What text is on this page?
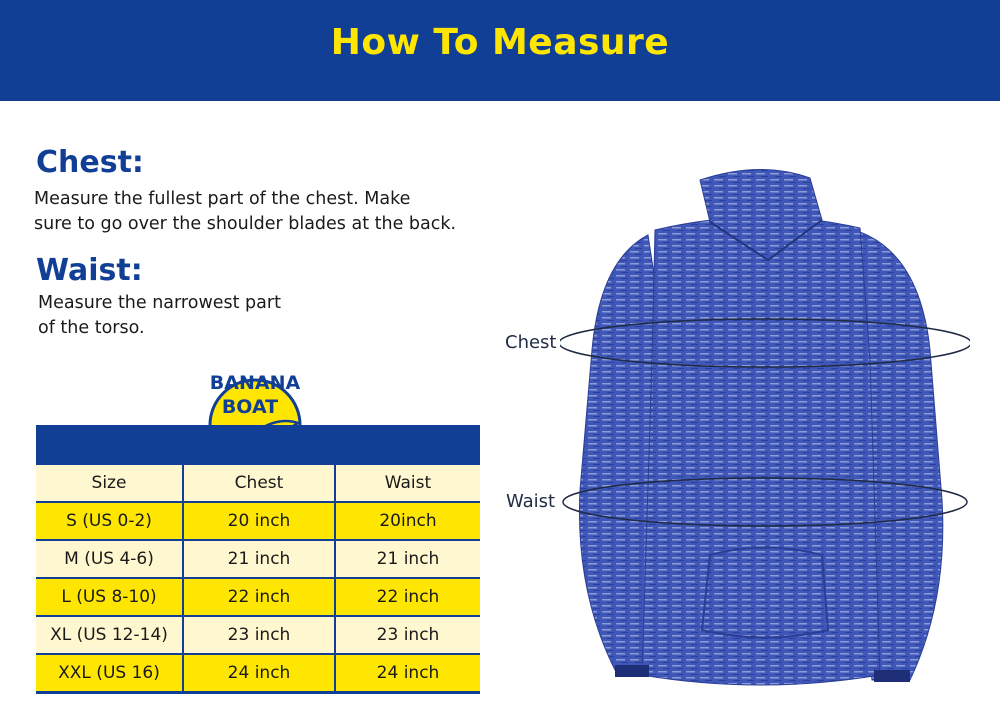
How To Measure
Chest:
Measure the fullest part of the chest. Make
sure to go over the shoulder blades at the back.
Waist:
Measure the narrowest part
of the torso.
BANANA
BOAT
Size	Chest	Waist
S (US 0-2)	20 inch	20inch
M (US 4-6)	21 inch	21 inch
L (US 8-10)	22 inch	22 inch
XL (US 12-14)	23 inch	23 inch
XXL (US 16)	24 inch	24 inch
Chest
Waist
